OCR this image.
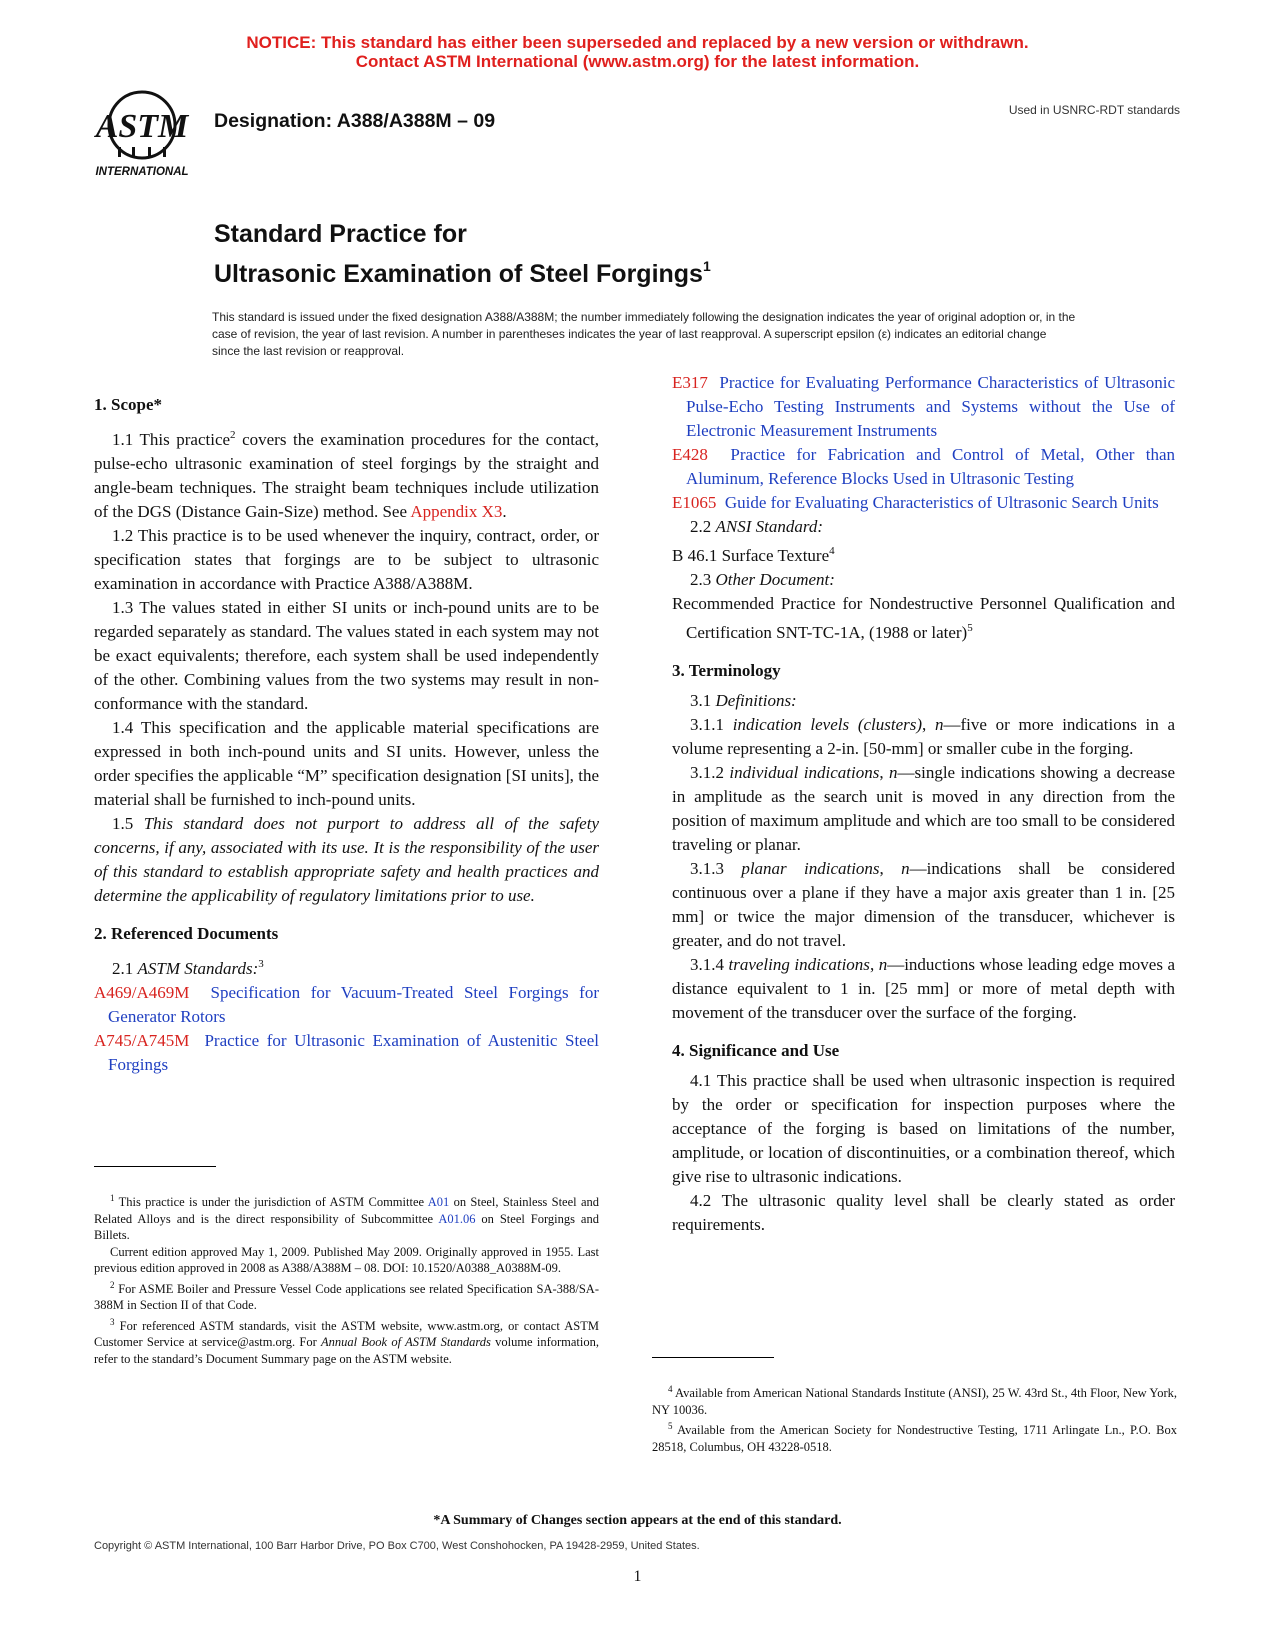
NOTICE: This standard has either been superseded and replaced by a new version or withdrawn.
Contact ASTM International (www.astm.org) for the latest information.
ASTM
INTERNATIONAL
Designation: A388/A388M – 09	Used in USNRC-RDT standards
Standard Practice for
Ultrasonic Examination of Steel Forgings$^1$
This standard is issued under the fixed designation A388/A388M; the number immediately following the designation indicates the year of original adoption or, in the case of revision, the year of last revision. A number in parentheses indicates the year of last reapproval. A superscript epsilon (ε) indicates an editorial change since the last revision or reapproval.
1. Scope*
1.1 This practice$^2$ covers the examination procedures for the contact, pulse-echo ultrasonic examination of steel forgings by the straight and angle-beam techniques. The straight beam techniques include utilization of the DGS (Distance Gain-Size) method. See Appendix X3.
1.2 This practice is to be used whenever the inquiry, contract, order, or specification states that forgings are to be subject to ultrasonic examination in accordance with Practice A388/A388M.
1.3 The values stated in either SI units or inch-pound units are to be regarded separately as standard. The values stated in each system may not be exact equivalents; therefore, each system shall be used independently of the other. Combining values from the two systems may result in non-conformance with the standard.
1.4 This specification and the applicable material specifications are expressed in both inch-pound units and SI units. However, unless the order specifies the applicable “M” specification designation [SI units], the material shall be furnished to inch-pound units.
1.5 This standard does not purport to address all of the safety concerns, if any, associated with its use. It is the responsibility of the user of this standard to establish appropriate safety and health practices and determine the applicability of regulatory limitations prior to use.
2. Referenced Documents
2.1 ASTM Standards:$^3$
A469/A469M Specification for Vacuum-Treated Steel Forgings for Generator Rotors
A745/A745M Practice for Ultrasonic Examination of Austenitic Steel Forgings
E317 Practice for Evaluating Performance Characteristics of Ultrasonic Pulse-Echo Testing Instruments and Systems without the Use of Electronic Measurement Instruments
E428 Practice for Fabrication and Control of Metal, Other than Aluminum, Reference Blocks Used in Ultrasonic Testing
E1065 Guide for Evaluating Characteristics of Ultrasonic Search Units
2.2 ANSI Standard:
B 46.1 Surface Texture$^4$
2.3 Other Document:
Recommended Practice for Nondestructive Personnel Qualification and Certification SNT-TC-1A, (1988 or later)$^5$
3. Terminology
3.1 Definitions:
3.1.1 indication levels (clusters), n—five or more indications in a volume representing a 2-in. [50-mm] or smaller cube in the forging.
3.1.2 individual indications, n—single indications showing a decrease in amplitude as the search unit is moved in any direction from the position of maximum amplitude and which are too small to be considered traveling or planar.
3.1.3 planar indications, n—indications shall be considered continuous over a plane if they have a major axis greater than 1 in. [25 mm] or twice the major dimension of the transducer, whichever is greater, and do not travel.
3.1.4 traveling indications, n—inductions whose leading edge moves a distance equivalent to 1 in. [25 mm] or more of metal depth with movement of the transducer over the surface of the forging.
4. Significance and Use
4.1 This practice shall be used when ultrasonic inspection is required by the order or specification for inspection purposes where the acceptance of the forging is based on limitations of the number, amplitude, or location of discontinuities, or a combination thereof, which give rise to ultrasonic indications.
4.2 The ultrasonic quality level shall be clearly stated as order requirements.
$^1$ This practice is under the jurisdiction of ASTM Committee A01 on Steel, Stainless Steel and Related Alloys and is the direct responsibility of Subcommittee A01.06 on Steel Forgings and Billets.
Current edition approved May 1, 2009. Published May 2009. Originally approved in 1955. Last previous edition approved in 2008 as A388/A388M – 08. DOI: 10.1520/A0388_A0388M-09.
$^2$ For ASME Boiler and Pressure Vessel Code applications see related Specification SA-388/SA-388M in Section II of that Code.
$^3$ For referenced ASTM standards, visit the ASTM website, www.astm.org, or contact ASTM Customer Service at service@astm.org. For Annual Book of ASTM Standards volume information, refer to the standard’s Document Summary page on the ASTM website.
$^4$ Available from American National Standards Institute (ANSI), 25 W. 43rd St., 4th Floor, New York, NY 10036.
$^5$ Available from the American Society for Nondestructive Testing, 1711 Arlingate Ln., P.O. Box 28518, Columbus, OH 43228-0518.
*A Summary of Changes section appears at the end of this standard.
Copyright © ASTM International, 100 Barr Harbor Drive, PO Box C700, West Conshohocken, PA 19428-2959, United States.
1
